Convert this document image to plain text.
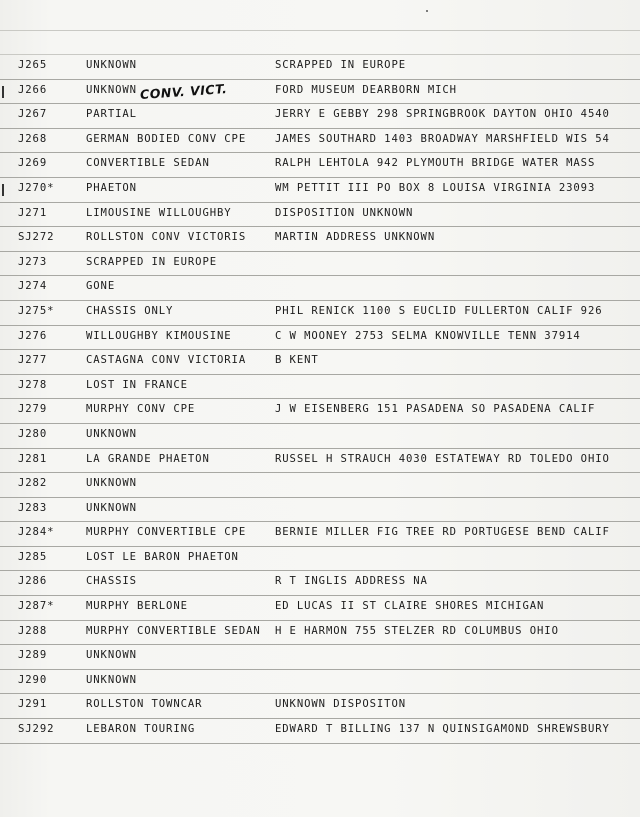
J265	UNKNOWN	SCRAPPED IN EUROPE
J266	UNKNOWN	FORD MUSEUM DEARBORN MICH
J267	PARTIAL	JERRY E GEBBY 298 SPRINGBROOK DAYTON OHIO 4540
J268	GERMAN BODIED CONV CPE	JAMES SOUTHARD 1403 BROADWAY MARSHFIELD WIS 54
J269	CONVERTIBLE SEDAN	RALPH LEHTOLA 942 PLYMOUTH BRIDGE WATER MASS
J270*	PHAETON	WM PETTIT III PO BOX 8 LOUISA VIRGINIA 23093
J271	LIMOUSINE WILLOUGHBY	DISPOSITION UNKNOWN
SJ272	ROLLSTON CONV VICTORIS	MARTIN ADDRESS UNKNOWN
J273	SCRAPPED IN EUROPE
J274	GONE
J275*	CHASSIS ONLY	PHIL RENICK 1100 S EUCLID FULLERTON CALIF 926
J276	WILLOUGHBY KIMOUSINE	C W MOONEY 2753 SELMA KNOWVILLE TENN 37914
J277	CASTAGNA CONV VICTORIA	B KENT
J278	LOST IN FRANCE
J279	MURPHY CONV CPE	J W EISENBERG 151 PASADENA SO PASADENA CALIF
J280	UNKNOWN
J281	LA GRANDE PHAETON	RUSSEL H STRAUCH 4030 ESTATEWAY RD TOLEDO OHIO
J282	UNKNOWN
J283	UNKNOWN
J284*	MURPHY CONVERTIBLE CPE	BERNIE MILLER FIG TREE RD PORTUGESE BEND CALIF
J285	LOST LE BARON PHAETON
J286	CHASSIS	R T INGLIS ADDRESS NA
J287*	MURPHY BERLONE	ED LUCAS II ST CLAIRE SHORES MICHIGAN
J288	MURPHY CONVERTIBLE SEDAN	H E HARMON 755 STELZER RD COLUMBUS OHIO
J289	UNKNOWN
J290	UNKNOWN
J291	ROLLSTON TOWNCAR	UNKNOWN DISPOSITON
SJ292	LEBARON TOURING	EDWARD T BILLING 137 N QUINSIGAMOND SHREWSBURY
CONV. VICT.
